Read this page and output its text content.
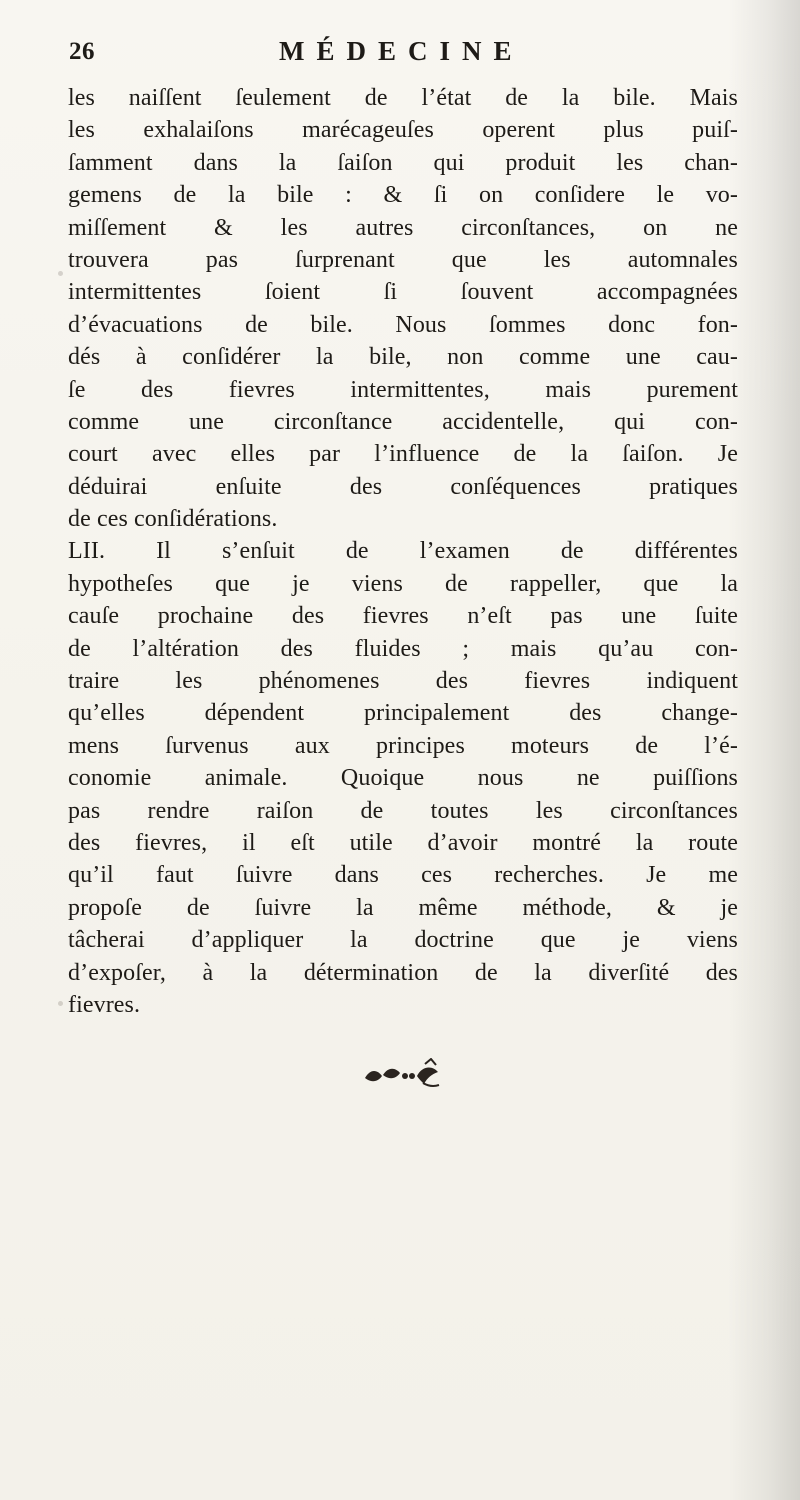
26	MÉDECINE
les naiſſent ſeulement de l’état de la bile. Mais
les exhalaiſons marécageuſes operent plus puiſ-
ſamment dans la ſaiſon qui produit les chan-
gemens de la bile : & ſi on conſidere le vo-
miſſement & les autres circonſtances, on ne
trouvera pas ſurprenant que les automnales
intermittentes ſoient ſi ſouvent accompagnées
d’évacuations de bile. Nous ſommes donc fon-
dés à conſidérer la bile, non comme une cau-
ſe des fievres intermittentes, mais purement
comme une circonſtance accidentelle, qui con-
court avec elles par l’influence de la ſaiſon. Je
déduirai enſuite des conſéquences pratiques
de ces conſidérations.
LII. Il s’enſuit de l’examen de différentes
hypotheſes que je viens de rappeller, que la
cauſe prochaine des fievres n’eſt pas une ſuite
de l’altération des fluides ; mais qu’au con-
traire les phénomenes des fievres indiquent
qu’elles dépendent principalement des change-
mens ſurvenus aux principes moteurs de l’é-
conomie animale. Quoique nous ne puiſſions
pas rendre raiſon de toutes les circonſtances
des fievres, il eſt utile d’avoir montré la route
qu’il faut ſuivre dans ces recherches. Je me
propoſe de ſuivre la même méthode, & je
tâcherai d’appliquer la doctrine que je viens
d’expoſer, à la détermination de la diverſité des
fievres.
